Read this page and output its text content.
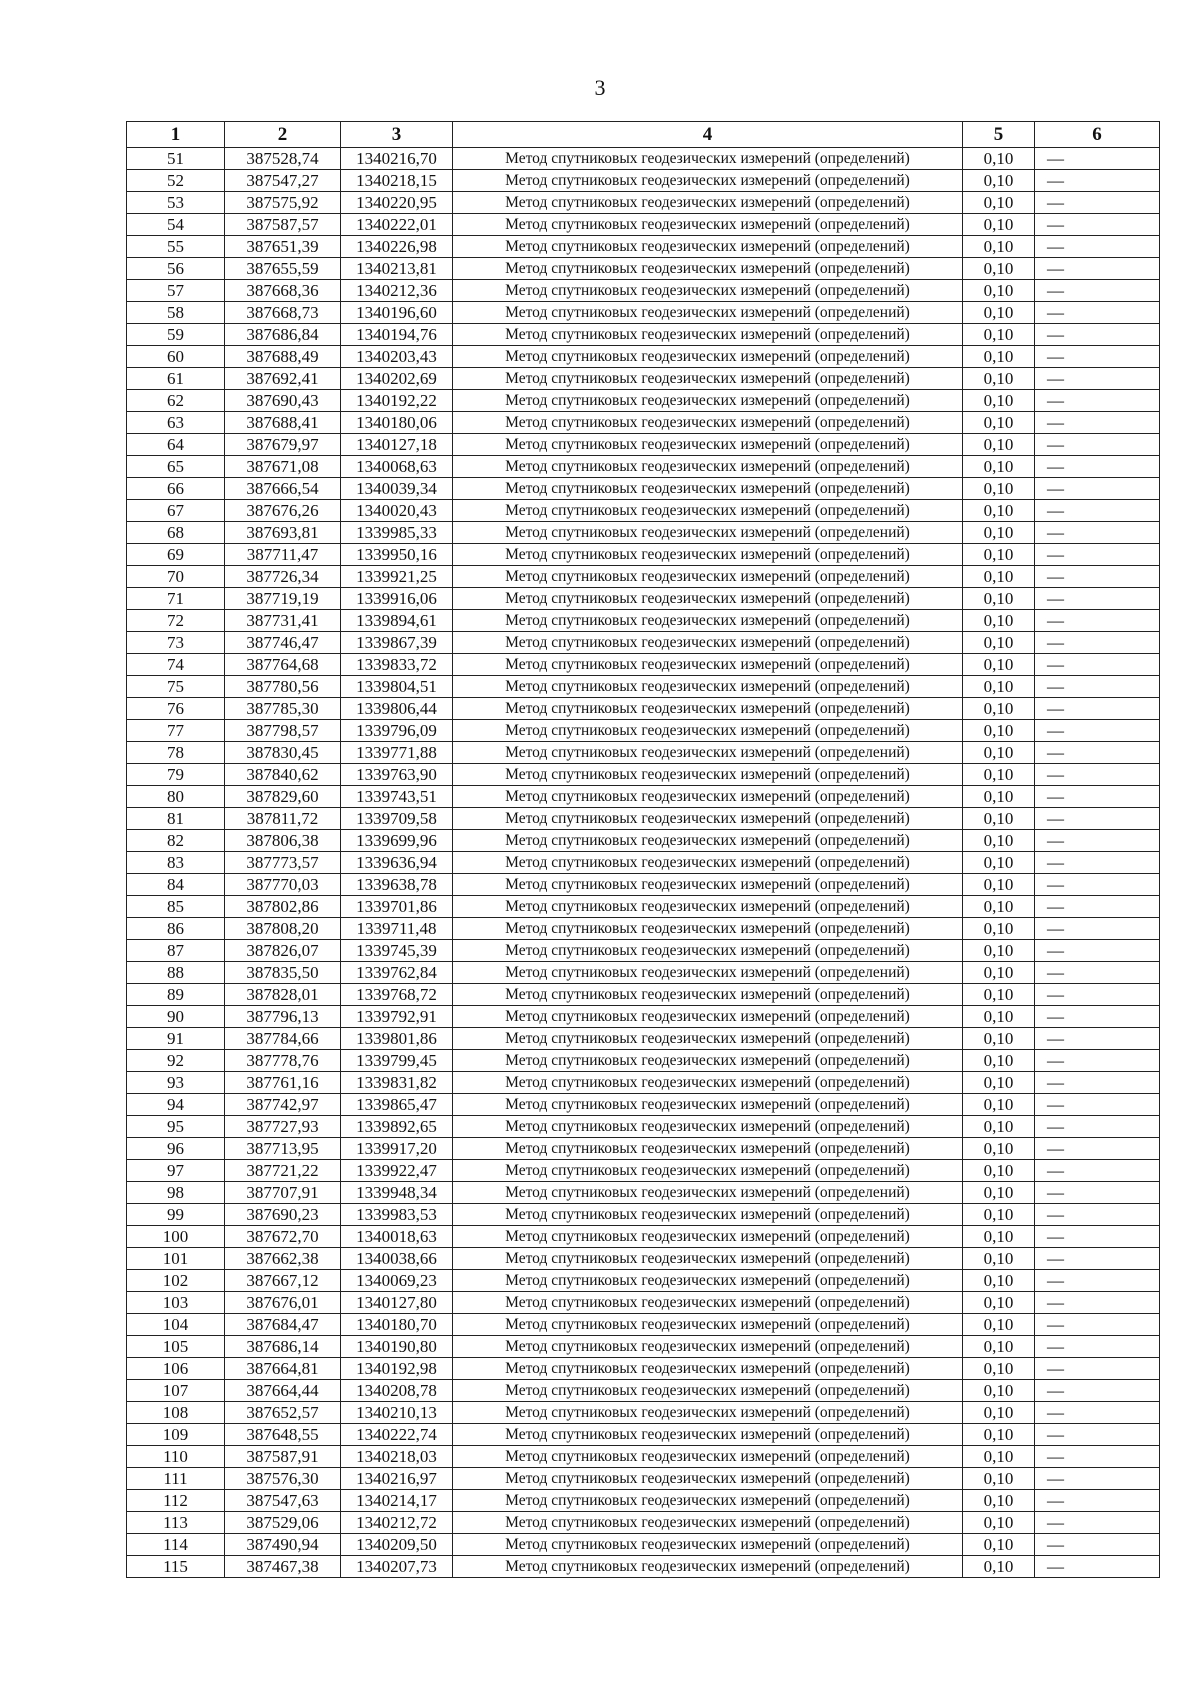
3
1	2	3	4	5	6
51	387528,74	1340216,70	Метод спутниковых геодезических измерений (определений)	0,10	—
52	387547,27	1340218,15	Метод спутниковых геодезических измерений (определений)	0,10	—
53	387575,92	1340220,95	Метод спутниковых геодезических измерений (определений)	0,10	—
54	387587,57	1340222,01	Метод спутниковых геодезических измерений (определений)	0,10	—
55	387651,39	1340226,98	Метод спутниковых геодезических измерений (определений)	0,10	—
56	387655,59	1340213,81	Метод спутниковых геодезических измерений (определений)	0,10	—
57	387668,36	1340212,36	Метод спутниковых геодезических измерений (определений)	0,10	—
58	387668,73	1340196,60	Метод спутниковых геодезических измерений (определений)	0,10	—
59	387686,84	1340194,76	Метод спутниковых геодезических измерений (определений)	0,10	—
60	387688,49	1340203,43	Метод спутниковых геодезических измерений (определений)	0,10	—
61	387692,41	1340202,69	Метод спутниковых геодезических измерений (определений)	0,10	—
62	387690,43	1340192,22	Метод спутниковых геодезических измерений (определений)	0,10	—
63	387688,41	1340180,06	Метод спутниковых геодезических измерений (определений)	0,10	—
64	387679,97	1340127,18	Метод спутниковых геодезических измерений (определений)	0,10	—
65	387671,08	1340068,63	Метод спутниковых геодезических измерений (определений)	0,10	—
66	387666,54	1340039,34	Метод спутниковых геодезических измерений (определений)	0,10	—
67	387676,26	1340020,43	Метод спутниковых геодезических измерений (определений)	0,10	—
68	387693,81	1339985,33	Метод спутниковых геодезических измерений (определений)	0,10	—
69	387711,47	1339950,16	Метод спутниковых геодезических измерений (определений)	0,10	—
70	387726,34	1339921,25	Метод спутниковых геодезических измерений (определений)	0,10	—
71	387719,19	1339916,06	Метод спутниковых геодезических измерений (определений)	0,10	—
72	387731,41	1339894,61	Метод спутниковых геодезических измерений (определений)	0,10	—
73	387746,47	1339867,39	Метод спутниковых геодезических измерений (определений)	0,10	—
74	387764,68	1339833,72	Метод спутниковых геодезических измерений (определений)	0,10	—
75	387780,56	1339804,51	Метод спутниковых геодезических измерений (определений)	0,10	—
76	387785,30	1339806,44	Метод спутниковых геодезических измерений (определений)	0,10	—
77	387798,57	1339796,09	Метод спутниковых геодезических измерений (определений)	0,10	—
78	387830,45	1339771,88	Метод спутниковых геодезических измерений (определений)	0,10	—
79	387840,62	1339763,90	Метод спутниковых геодезических измерений (определений)	0,10	—
80	387829,60	1339743,51	Метод спутниковых геодезических измерений (определений)	0,10	—
81	387811,72	1339709,58	Метод спутниковых геодезических измерений (определений)	0,10	—
82	387806,38	1339699,96	Метод спутниковых геодезических измерений (определений)	0,10	—
83	387773,57	1339636,94	Метод спутниковых геодезических измерений (определений)	0,10	—
84	387770,03	1339638,78	Метод спутниковых геодезических измерений (определений)	0,10	—
85	387802,86	1339701,86	Метод спутниковых геодезических измерений (определений)	0,10	—
86	387808,20	1339711,48	Метод спутниковых геодезических измерений (определений)	0,10	—
87	387826,07	1339745,39	Метод спутниковых геодезических измерений (определений)	0,10	—
88	387835,50	1339762,84	Метод спутниковых геодезических измерений (определений)	0,10	—
89	387828,01	1339768,72	Метод спутниковых геодезических измерений (определений)	0,10	—
90	387796,13	1339792,91	Метод спутниковых геодезических измерений (определений)	0,10	—
91	387784,66	1339801,86	Метод спутниковых геодезических измерений (определений)	0,10	—
92	387778,76	1339799,45	Метод спутниковых геодезических измерений (определений)	0,10	—
93	387761,16	1339831,82	Метод спутниковых геодезических измерений (определений)	0,10	—
94	387742,97	1339865,47	Метод спутниковых геодезических измерений (определений)	0,10	—
95	387727,93	1339892,65	Метод спутниковых геодезических измерений (определений)	0,10	—
96	387713,95	1339917,20	Метод спутниковых геодезических измерений (определений)	0,10	—
97	387721,22	1339922,47	Метод спутниковых геодезических измерений (определений)	0,10	—
98	387707,91	1339948,34	Метод спутниковых геодезических измерений (определений)	0,10	—
99	387690,23	1339983,53	Метод спутниковых геодезических измерений (определений)	0,10	—
100	387672,70	1340018,63	Метод спутниковых геодезических измерений (определений)	0,10	—
101	387662,38	1340038,66	Метод спутниковых геодезических измерений (определений)	0,10	—
102	387667,12	1340069,23	Метод спутниковых геодезических измерений (определений)	0,10	—
103	387676,01	1340127,80	Метод спутниковых геодезических измерений (определений)	0,10	—
104	387684,47	1340180,70	Метод спутниковых геодезических измерений (определений)	0,10	—
105	387686,14	1340190,80	Метод спутниковых геодезических измерений (определений)	0,10	—
106	387664,81	1340192,98	Метод спутниковых геодезических измерений (определений)	0,10	—
107	387664,44	1340208,78	Метод спутниковых геодезических измерений (определений)	0,10	—
108	387652,57	1340210,13	Метод спутниковых геодезических измерений (определений)	0,10	—
109	387648,55	1340222,74	Метод спутниковых геодезических измерений (определений)	0,10	—
110	387587,91	1340218,03	Метод спутниковых геодезических измерений (определений)	0,10	—
111	387576,30	1340216,97	Метод спутниковых геодезических измерений (определений)	0,10	—
112	387547,63	1340214,17	Метод спутниковых геодезических измерений (определений)	0,10	—
113	387529,06	1340212,72	Метод спутниковых геодезических измерений (определений)	0,10	—
114	387490,94	1340209,50	Метод спутниковых геодезических измерений (определений)	0,10	—
115	387467,38	1340207,73	Метод спутниковых геодезических измерений (определений)	0,10	—
